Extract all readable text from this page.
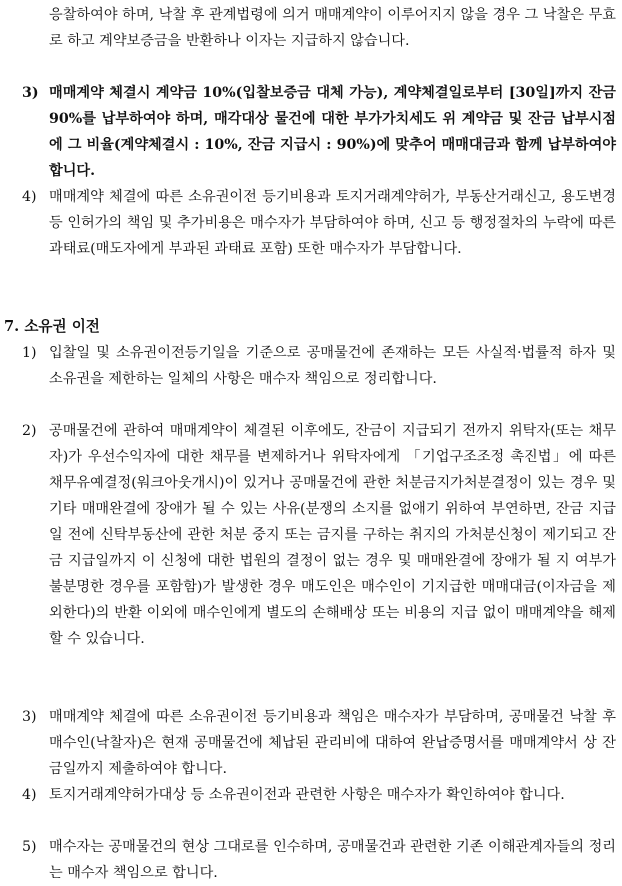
응찰하여야 하며, 낙찰 후 관계법령에 의거 매매계약이 이루어지지 않을 경우 그 낙찰은 무효로 하고 계약보증금을 반환하나 이자는 지급하지 않습니다.

3) 매매계약 체결시 계약금 10%(입찰보증금 대체 가능), 계약체결일로부터 [30일]까지 잔금 90%를 납부하여야 하며, 매각대상 물건에 대한 부가가치세도 위 계약금 및 잔금 납부시점에 그 비율(계약체결시 : 10%, 잔금 지급시 : 90%)에 맞추어 매매대금과 함께 납부하여야 합니다.

4) 매매계약 체결에 따른 소유권이전 등기비용과 토지거래계약허가, 부동산거래신고, 용도변경 등 인허가의 책임 및 추가비용은 매수자가 부담하여야 하며, 신고 등 행정절차의 누락에 따른 과태료(매도자에게 부과된 과태료 포함) 또한 매수자가 부담합니다.

7. 소유권 이전

1) 입찰일 및 소유권이전등기일을 기준으로 공매물건에 존재하는 모든 사실적·법률적 하자 및 소유권을 제한하는 일체의 사항은 매수자 책임으로 정리합니다.

2) 공매물건에 관하여 매매계약이 체결된 이후에도, 잔금이 지급되기 전까지 위탁자(또는 채무자)가 우선수익자에 대한 채무를 변제하거나 위탁자에게 「기업구조조정 촉진법」에 따른 채무유예결정(워크아웃개시)이 있거나 공매물건에 관한 처분금지가처분결정이 있는 경우 및 기타 매매완결에 장애가 될 수 있는 사유(분쟁의 소지를 없애기 위하여 부연하면, 잔금 지급일 전에 신탁부동산에 관한 처분 중지 또는 금지를 구하는 취지의 가처분신청이 제기되고 잔금 지급일까지 이 신청에 대한 법원의 결정이 없는 경우 및 매매완결에 장애가 될 지 여부가 불분명한 경우를 포함함)가 발생한 경우 매도인은 매수인이 기지급한 매매대금(이자금을 제외한다)의 반환 이외에 매수인에게 별도의 손해배상 또는 비용의 지급 없이 매매계약을 해제할 수 있습니다.

3) 매매계약 체결에 따른 소유권이전 등기비용과 책임은 매수자가 부담하며, 공매물건 낙찰 후 매수인(낙찰자)은 현재 공매물건에 체납된 관리비에 대하여 완납증명서를 매매계약서 상 잔금일까지 제출하여야 합니다.

4) 토지거래계약허가대상 등 소유권이전과 관련한 사항은 매수자가 확인하여야 합니다.

5) 매수자는 공매물건의 현상 그대로를 인수하며, 공매물건과 관련한 기존 이해관계자들의 정리는 매수자 책임으로 합니다.
